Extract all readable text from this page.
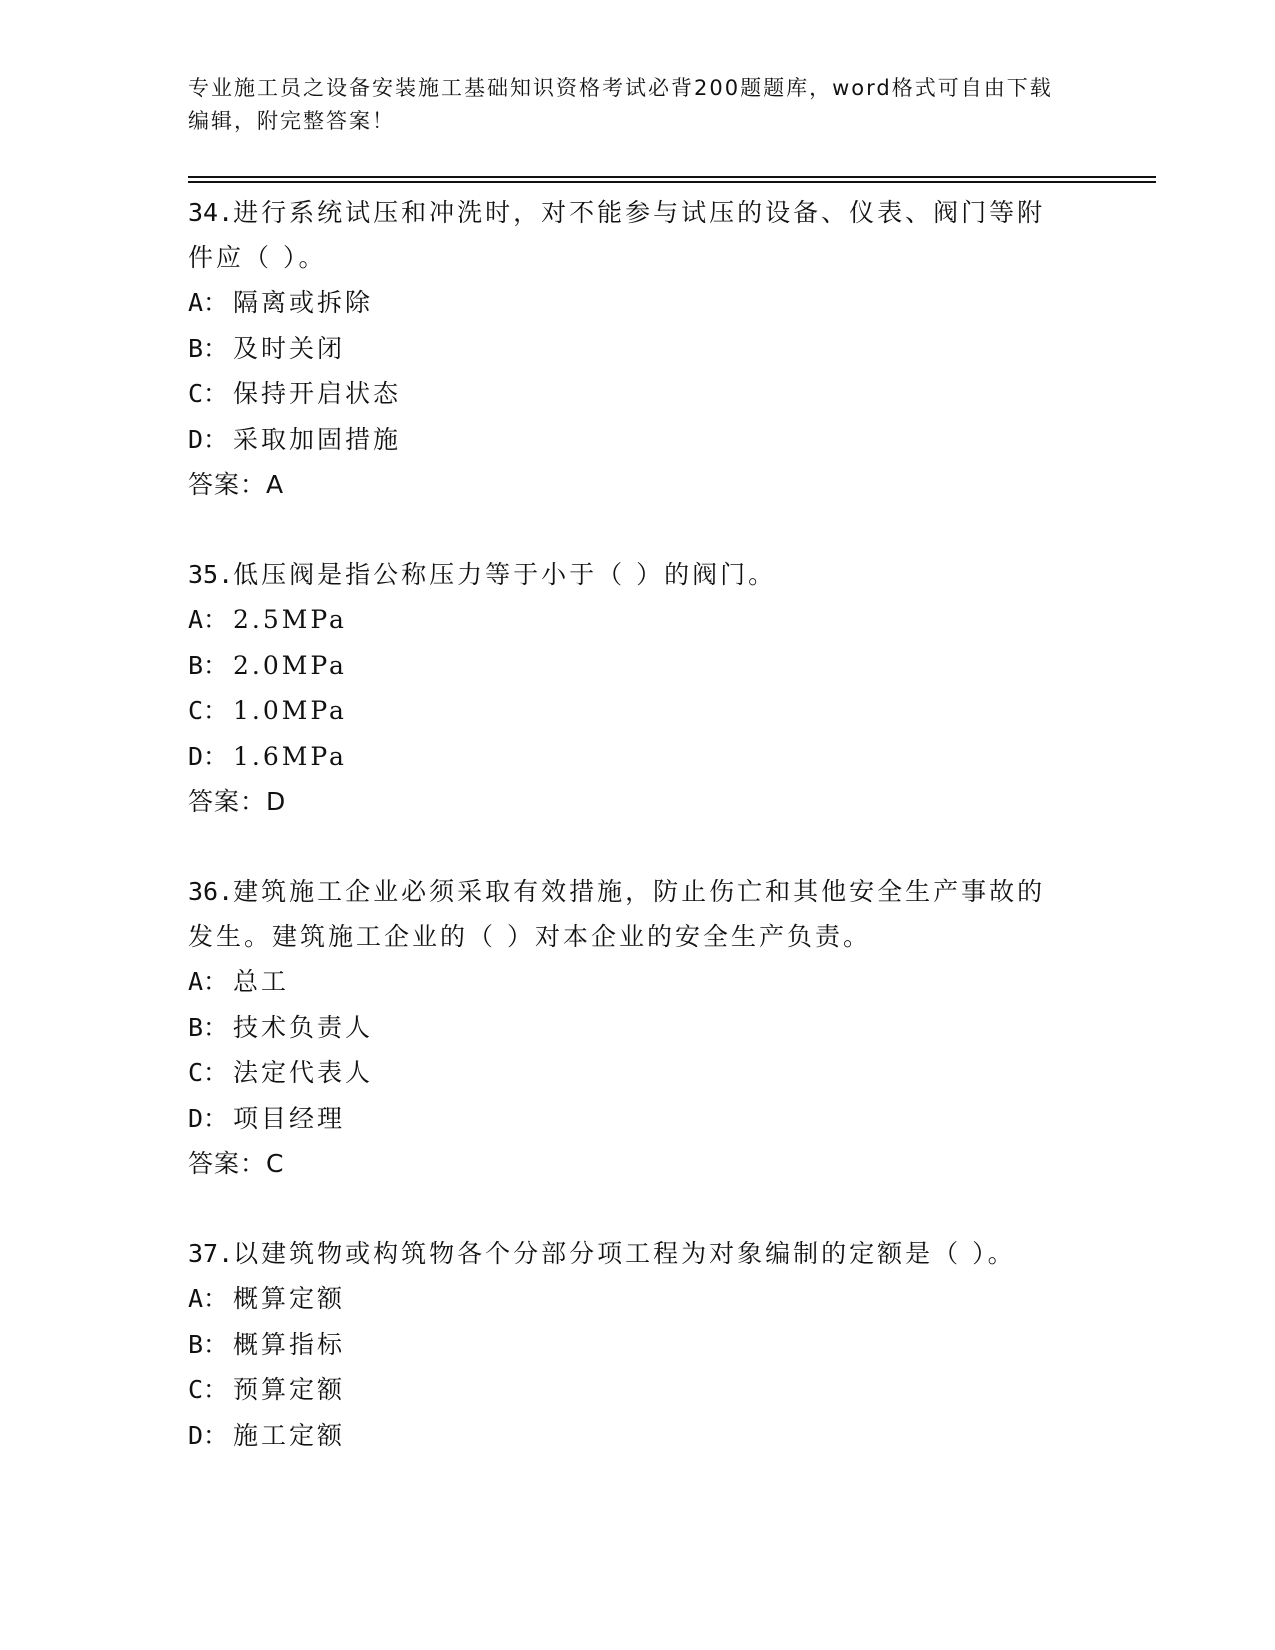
专业施工员之设备安装施工基础知识资格考试必背200题题库，word格式可自由下载编辑，附完整答案！
34.进行系统试压和冲洗时，对不能参与试压的设备、仪表、阀门等附件应（ ）。
A： 隔离或拆除
B： 及时关闭
C： 保持开启状态
D： 采取加固措施
答案：A
35.低压阀是指公称压力等于小于（ ）的阀门。
A： 2.5MPa
B： 2.0MPa
C： 1.0MPa
D： 1.6MPa
答案：D
36.建筑施工企业必须采取有效措施，防止伤亡和其他安全生产事故的发生。建筑施工企业的（ ）对本企业的安全生产负责。
A： 总工
B： 技术负责人
C： 法定代表人
D： 项目经理
答案：C
37.以建筑物或构筑物各个分部分项工程为对象编制的定额是（ ）。
A： 概算定额
B： 概算指标
C： 预算定额
D： 施工定额
